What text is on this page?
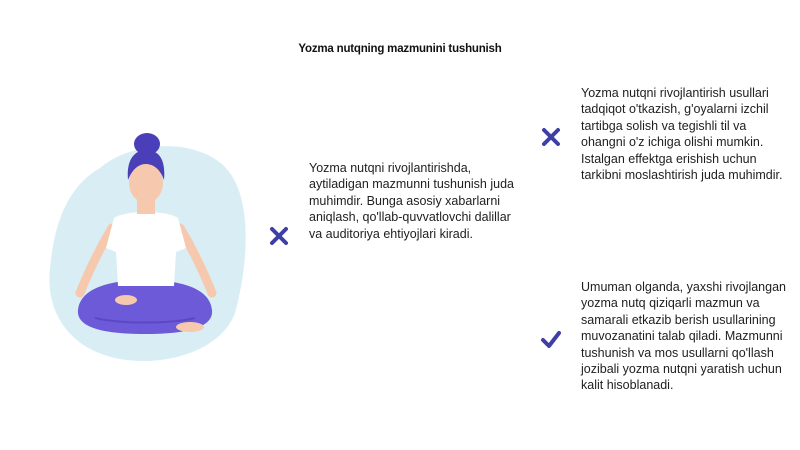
Yozma nutqning mazmunini tushunish
Yozma nutqni rivojlantirishda, aytiladigan mazmunni tushunish juda muhimdir. Bunga asosiy xabarlarni aniqlash, qo'llab-quvvatlovchi dalillar va auditoriya ehtiyojlari kiradi.
Yozma nutqni rivojlantirish usullari tadqiqot o'tkazish, g'oyalarni izchil tartibga solish va tegishli til va ohangni o'z ichiga olishi mumkin. Istalgan effektga erishish uchun tarkibni moslashtirish juda muhimdir.
Umuman olganda, yaxshi rivojlangan yozma nutq qiziqarli mazmun va samarali etkazib berish usullarining muvozanatini talab qiladi. Mazmunni tushunish va mos usullarni qo'llash jozibali yozma nutqni yaratish uchun kalit hisoblanadi.
